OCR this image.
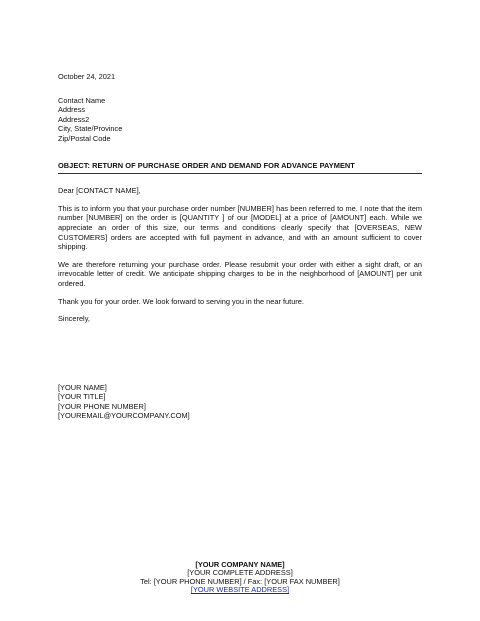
October 24, 2021
Contact Name
Address
Address2
City, State/Province
Zip/Postal Code
OBJECT: RETURN OF PURCHASE ORDER AND DEMAND FOR ADVANCE PAYMENT
Dear [CONTACT NAME],

This is to inform you that your purchase order number [NUMBER] has been referred to me. I note that the item number [NUMBER] on the order is [QUANTITY ] of our [MODEL] at a price of [AMOUNT] each. While we appreciate an order of this size, our terms and conditions clearly specify that [OVERSEAS, NEW CUSTOMERS] orders are accepted with full payment in advance, and with an amount sufficient to cover shipping.

We are therefore returning your purchase order. Please resubmit your order with either a sight draft, or an irrevocable letter of credit. We anticipate shipping charges to be in the neighborhood of [AMOUNT] per unit ordered.

Thank you for your order. We look forward to serving you in the near future.

Sincerely,
[YOUR NAME]
[YOUR TITLE]
[YOUR PHONE NUMBER]
[YOUREMAIL@YOURCOMPANY.COM]
[YOUR COMPANY NAME]
[YOUR COMPLETE ADDRESS]
Tel: [YOUR PHONE NUMBER] / Fax: [YOUR FAX NUMBER]
[YOUR WEBSITE ADDRESS]
